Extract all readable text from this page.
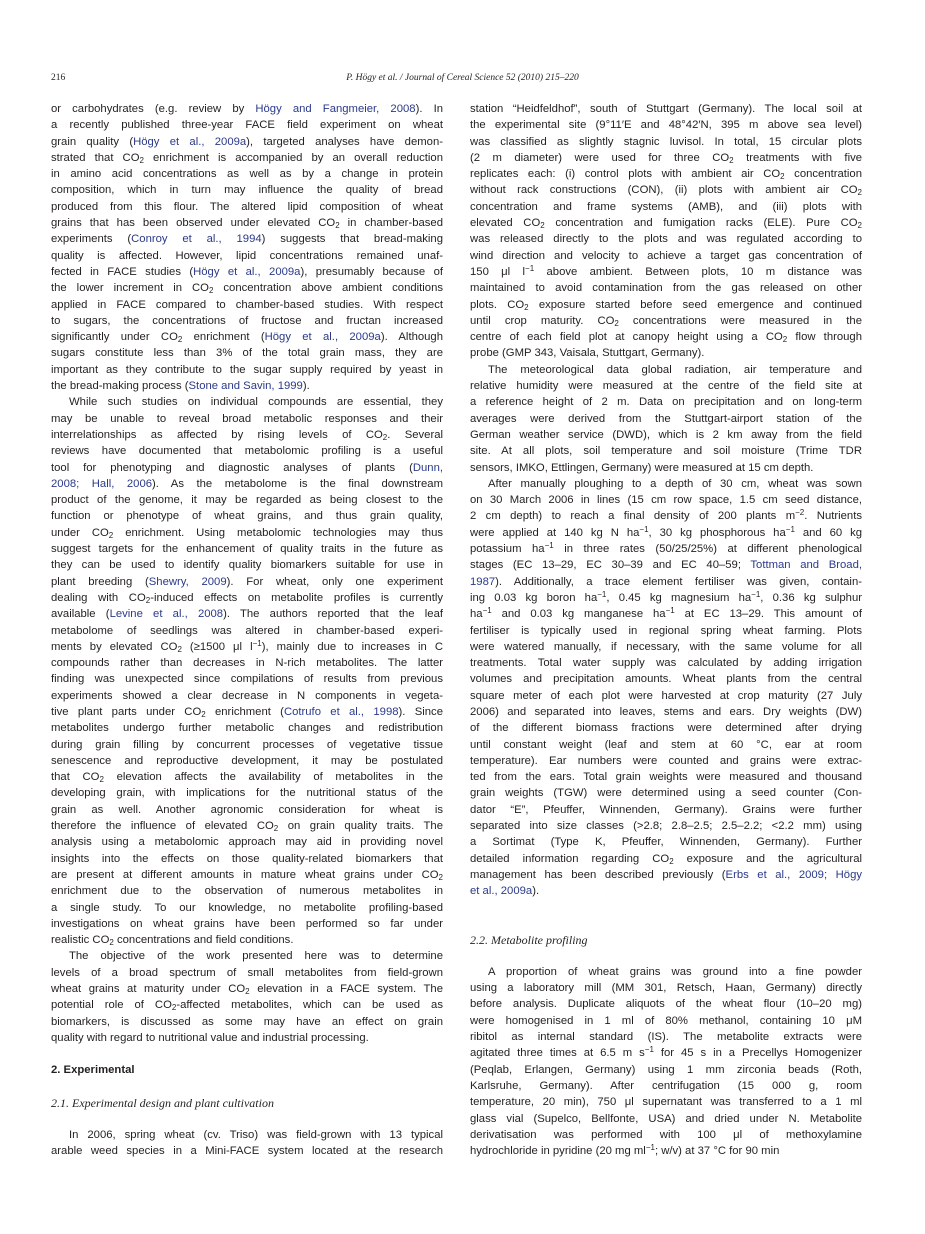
216	P. Högy et al. / Journal of Cereal Science 52 (2010) 215–220
or carbohydrates (e.g. review by Högy and Fangmeier, 2008). In
a recently published three-year FACE field experiment on wheat
grain quality (Högy et al., 2009a), targeted analyses have demon-
strated that $CO_2$ enrichment is accompanied by an overall reduction
in amino acid concentrations as well as by a change in protein
composition, which in turn may influence the quality of bread
produced from this flour. The altered lipid composition of wheat
grains that has been observed under elevated $CO_2$ in chamber-based
experiments (Conroy et al., 1994) suggests that bread-making
quality is affected. However, lipid concentrations remained unaf-
fected in FACE studies (Högy et al., 2009a), presumably because of
the lower increment in $CO_2$ concentration above ambient conditions
applied in FACE compared to chamber-based studies. With respect
to sugars, the concentrations of fructose and fructan increased
significantly under $CO_2$ enrichment (Högy et al., 2009a). Although
sugars constitute less than 3% of the total grain mass, they are
important as they contribute to the sugar supply required by yeast in
the bread-making process (Stone and Savin, 1999).
While such studies on individual compounds are essential, they
may be unable to reveal broad metabolic responses and their
interrelationships as affected by rising levels of $CO_2$. Several
reviews have documented that metabolomic profiling is a useful
tool for phenotyping and diagnostic analyses of plants (Dunn,
2008; Hall, 2006). As the metabolome is the final downstream
product of the genome, it may be regarded as being closest to the
function or phenotype of wheat grains, and thus grain quality,
under $CO_2$ enrichment. Using metabolomic technologies may thus
suggest targets for the enhancement of quality traits in the future as
they can be used to identify quality biomarkers suitable for use in
plant breeding (Shewry, 2009). For wheat, only one experiment
dealing with $CO_2$-induced effects on metabolite profiles is currently
available (Levine et al., 2008). The authors reported that the leaf
metabolome of seedlings was altered in chamber-based experi-
ments by elevated $CO_2$ (≥1500 μl $l^{-1}$), mainly due to increases in C
compounds rather than decreases in N-rich metabolites. The latter
finding was unexpected since compilations of results from previous
experiments showed a clear decrease in N components in vegeta-
tive plant parts under $CO_2$ enrichment (Cotrufo et al., 1998). Since
metabolites undergo further metabolic changes and redistribution
during grain filling by concurrent processes of vegetative tissue
senescence and reproductive development, it may be postulated
that $CO_2$ elevation affects the availability of metabolites in the
developing grain, with implications for the nutritional status of the
grain as well. Another agronomic consideration for wheat is
therefore the influence of elevated $CO_2$ on grain quality traits. The
analysis using a metabolomic approach may aid in providing novel
insights into the effects on those quality-related biomarkers that
are present at different amounts in mature wheat grains under $CO_2$
enrichment due to the observation of numerous metabolites in
a single study. To our knowledge, no metabolite profiling-based
investigations on wheat grains have been performed so far under
realistic $CO_2$ concentrations and field conditions.
The objective of the work presented here was to determine
levels of a broad spectrum of small metabolites from field-grown
wheat grains at maturity under $CO_2$ elevation in a FACE system. The
potential role of $CO_2$-affected metabolites, which can be used as
biomarkers, is discussed as some may have an effect on grain
quality with regard to nutritional value and industrial processing.
2. Experimental
2.1. Experimental design and plant cultivation
In 2006, spring wheat (cv. Triso) was field-grown with 13 typical
arable weed species in a Mini-FACE system located at the research
station “Heidfeldhof”, south of Stuttgart (Germany). The local soil at
the experimental site (9°11′E and 48°42′N, 395 m above sea level)
was classified as slightly stagnic luvisol. In total, 15 circular plots
(2 m diameter) were used for three $CO_2$ treatments with five
replicates each: (i) control plots with ambient air $CO_2$ concentration
without rack constructions (CON), (ii) plots with ambient air $CO_2$
concentration and frame systems (AMB), and (iii) plots with
elevated $CO_2$ concentration and fumigation racks (ELE). Pure $CO_2$
was released directly to the plots and was regulated according to
wind direction and velocity to achieve a target gas concentration of
150 μl $l^{-1}$ above ambient. Between plots, 10 m distance was
maintained to avoid contamination from the gas released on other
plots. $CO_2$ exposure started before seed emergence and continued
until crop maturity. $CO_2$ concentrations were measured in the
centre of each field plot at canopy height using a $CO_2$ flow through
probe (GMP 343, Vaisala, Stuttgart, Germany).
The meteorological data global radiation, air temperature and
relative humidity were measured at the centre of the field site at
a reference height of 2 m. Data on precipitation and on long-term
averages were derived from the Stuttgart-airport station of the
German weather service (DWD), which is 2 km away from the field
site. At all plots, soil temperature and soil moisture (Trime TDR
sensors, IMKO, Ettlingen, Germany) were measured at 15 cm depth.
After manually ploughing to a depth of 30 cm, wheat was sown
on 30 March 2006 in lines (15 cm row space, 1.5 cm seed distance,
2 cm depth) to reach a final density of 200 plants $m^{-2}$. Nutrients
were applied at 140 kg N $ha^{-1}$, 30 kg phosphorous $ha^{-1}$ and 60 kg
potassium $ha^{-1}$ in three rates (50/25/25%) at different phenological
stages (EC 13–29, EC 30–39 and EC 40–59; Tottman and Broad,
1987). Additionally, a trace element fertiliser was given, contain-
ing 0.03 kg boron $ha^{-1}$, 0.45 kg magnesium $ha^{-1}$, 0.36 kg sulphur
$ha^{-1}$ and 0.03 kg manganese $ha^{-1}$ at EC 13–29. This amount of
fertiliser is typically used in regional spring wheat farming. Plots
were watered manually, if necessary, with the same volume for all
treatments. Total water supply was calculated by adding irrigation
volumes and precipitation amounts. Wheat plants from the central
square meter of each plot were harvested at crop maturity (27 July
2006) and separated into leaves, stems and ears. Dry weights (DW)
of the different biomass fractions were determined after drying
until constant weight (leaf and stem at 60 °C, ear at room
temperature). Ear numbers were counted and grains were extrac-
ted from the ears. Total grain weights were measured and thousand
grain weights (TGW) were determined using a seed counter (Con-
dator “E”, Pfeuffer, Winnenden, Germany). Grains were further
separated into size classes (>2.8; 2.8–2.5; 2.5–2.2; <2.2 mm) using
a Sortimat (Type K, Pfeuffer, Winnenden, Germany). Further
detailed information regarding $CO_2$ exposure and the agricultural
management has been described previously (Erbs et al., 2009; Högy
et al., 2009a).
2.2. Metabolite profiling
A proportion of wheat grains was ground into a fine powder
using a laboratory mill (MM 301, Retsch, Haan, Germany) directly
before analysis. Duplicate aliquots of the wheat flour (10–20 mg)
were homogenised in 1 ml of 80% methanol, containing 10 μM
ribitol as internal standard (IS). The metabolite extracts were
agitated three times at 6.5 m $s^{-1}$ for 45 s in a Precellys Homogenizer
(Peqlab, Erlangen, Germany) using 1 mm zirconia beads (Roth,
Karlsruhe, Germany). After centrifugation (15 000 g, room
temperature, 20 min), 750 μl supernatant was transferred to a 1 ml
glass vial (Supelco, Bellfonte, USA) and dried under N. Metabolite
derivatisation was performed with 100 μl of methoxylamine
hydrochloride in pyridine (20 mg $ml^{-1}$; w/v) at 37 °C for 90 min
